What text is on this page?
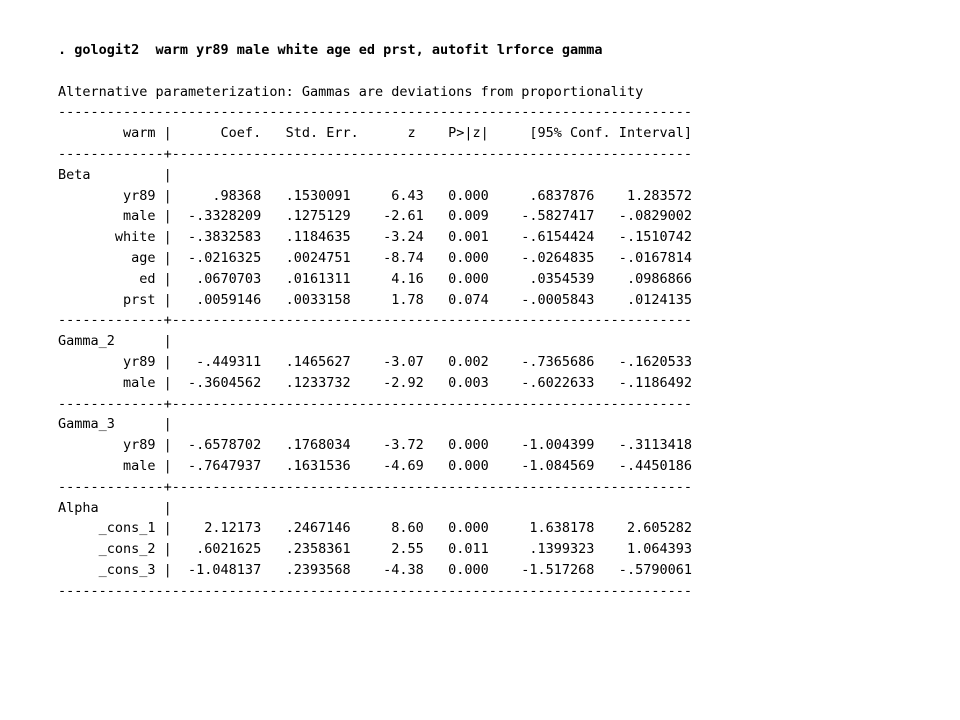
. gologit2  warm yr89 male white age ed prst, autofit lrforce gamma

Alternative parameterization: Gammas are deviations from proportionality
------------------------------------------------------------------------------
warm |      Coef.   Std. Err.      z    P>|z|     [95% Conf. Interval]
-------------+----------------------------------------------------------------
Beta         |
yr89 |     .98368   .1530091     6.43   0.000     .6837876    1.283572
male |  -.3328209   .1275129    -2.61   0.009    -.5827417   -.0829002
white |  -.3832583   .1184635    -3.24   0.001    -.6154424   -.1510742
age |  -.0216325   .0024751    -8.74   0.000    -.0264835   -.0167814
ed |   .0670703   .0161311     4.16   0.000     .0354539    .0986866
prst |   .0059146   .0033158     1.78   0.074    -.0005843    .0124135
-------------+----------------------------------------------------------------
Gamma_2      |
yr89 |   -.449311   .1465627    -3.07   0.002    -.7365686   -.1620533
male |  -.3604562   .1233732    -2.92   0.003    -.6022633   -.1186492
-------------+----------------------------------------------------------------
Gamma_3      |
yr89 |  -.6578702   .1768034    -3.72   0.000    -1.004399   -.3113418
male |  -.7647937   .1631536    -4.69   0.000    -1.084569   -.4450186
-------------+----------------------------------------------------------------
Alpha        |
_cons_1 |    2.12173   .2467146     8.60   0.000     1.638178    2.605282
_cons_2 |   .6021625   .2358361     2.55   0.011     .1399323    1.064393
_cons_3 |  -1.048137   .2393568    -4.38   0.000    -1.517268   -.5790061
------------------------------------------------------------------------------
